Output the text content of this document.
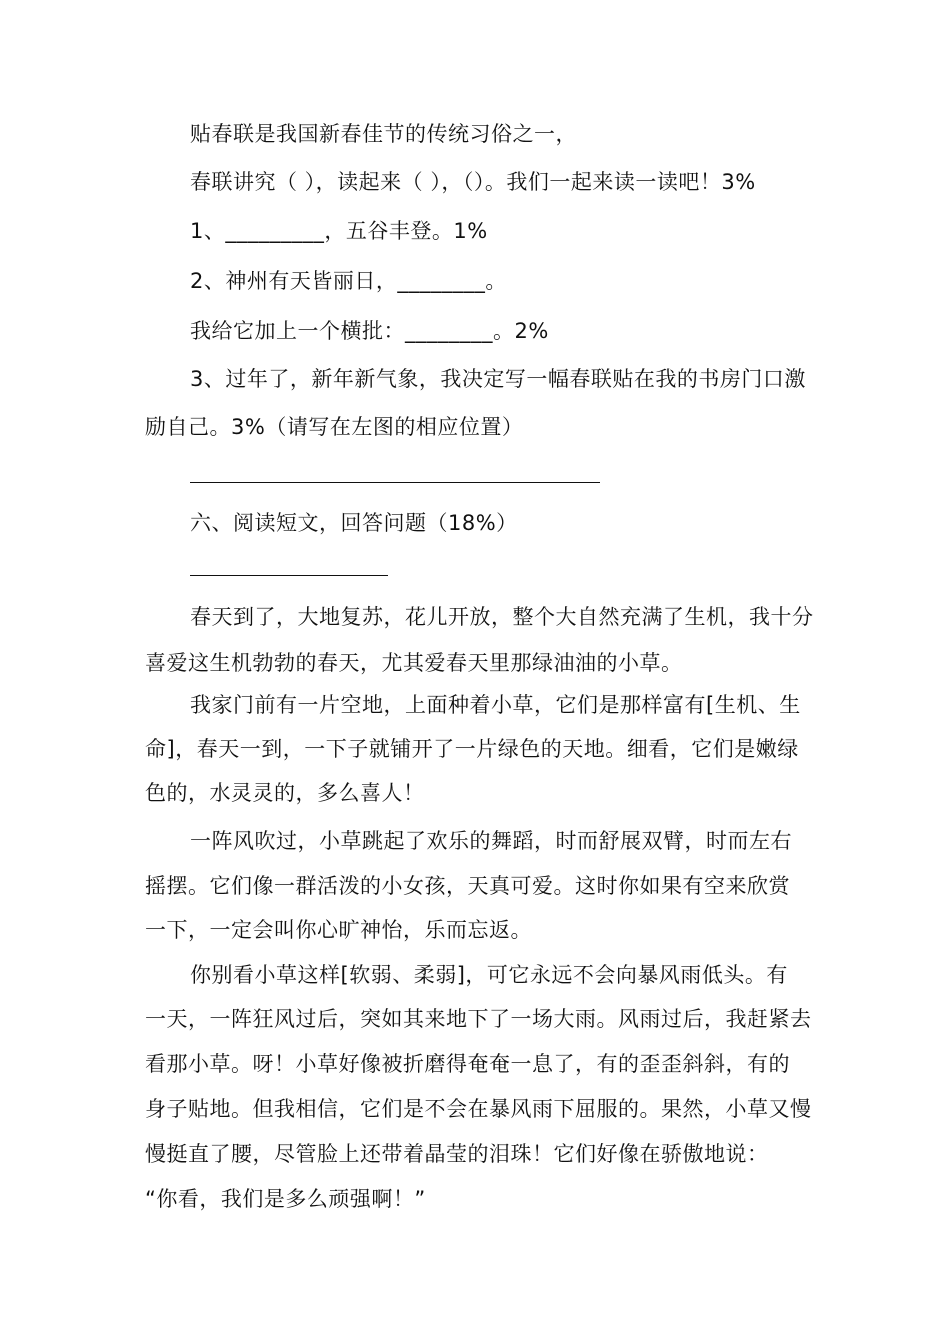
贴春联是我国新春佳节的传统习俗之一，
春联讲究（ ），读起来（ ），（）。我们一起来读一读吧！3%
1、_________，五谷丰登。1%
2、神州有天皆丽日，________。
我给它加上一个横批：________。2%
3、过年了，新年新气象，我决定写一幅春联贴在我的书房门口激
励自己。3%（请写在左图的相应位置）
六、阅读短文，回答问题（18%）
春天到了，大地复苏，花儿开放，整个大自然充满了生机，我十分
喜爱这生机勃勃的春天，尤其爱春天里那绿油油的小草。
我家门前有一片空地，上面种着小草，它们是那样富有[生机、生
命]，春天一到，一下子就铺开了一片绿色的天地。细看，它们是嫩绿
色的，水灵灵的，多么喜人！
一阵风吹过，小草跳起了欢乐的舞蹈，时而舒展双臂，时而左右
摇摆。它们像一群活泼的小女孩，天真可爱。这时你如果有空来欣赏
一下，一定会叫你心旷神怡，乐而忘返。
你别看小草这样[软弱、柔弱]，可它永远不会向暴风雨低头。有
一天，一阵狂风过后，突如其来地下了一场大雨。风雨过后，我赶紧去
看那小草。呀！小草好像被折磨得奄奄一息了，有的歪歪斜斜，有的
身子贴地。但我相信，它们是不会在暴风雨下屈服的。果然，小草又慢
慢挺直了腰，尽管脸上还带着晶莹的泪珠！它们好像在骄傲地说：
“你看，我们是多么顽强啊！”
